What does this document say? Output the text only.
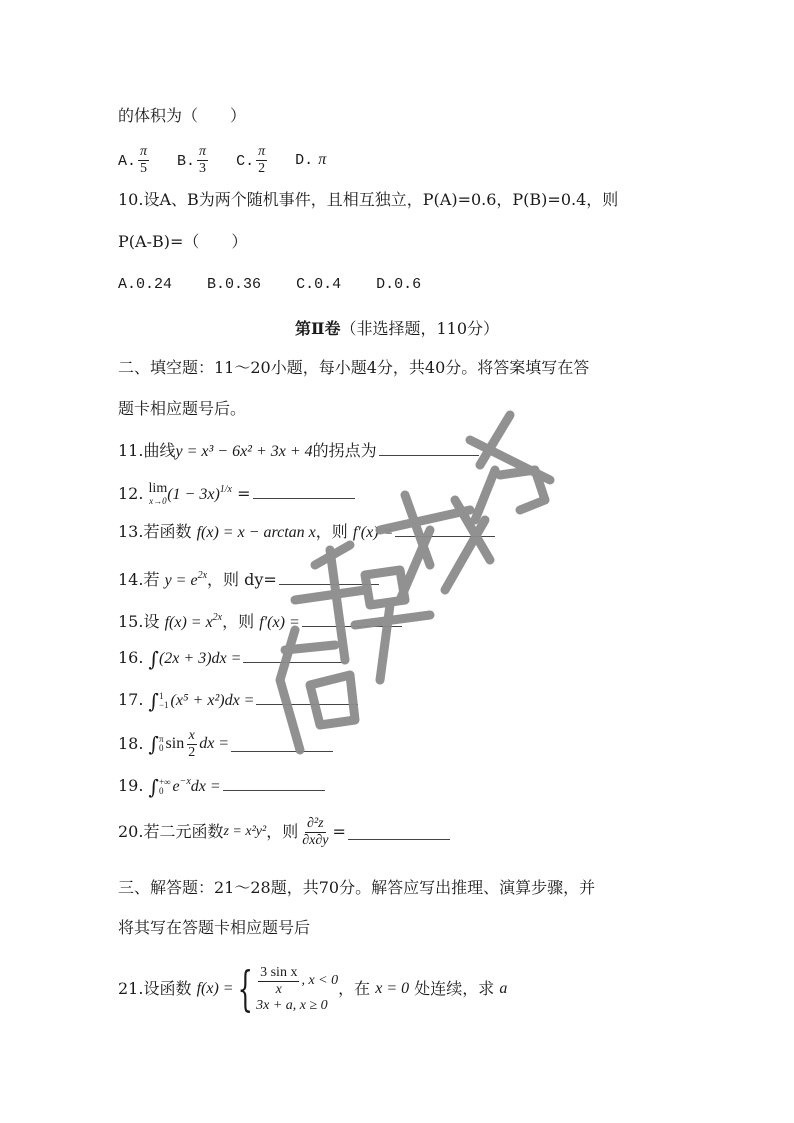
的体积为（　　）
A. $\frac{\pi}{5} B$. $\frac{\pi}{3} C$. $\frac{\pi}{2} D$. π
10.设A、B为两个随机事件，且相互独立，P(A)=0.6，P(B)=0.4，则
P(A-B)=（　　）
A.0.24 B.0.36 C.0.4 D.0.6
第Ⅱ卷（非选择题，110分）
二、填空题：11～20小题，每小题4分，共40分。将答案填写在答
题卡相应题号后。
11.曲线y = x³ − 6x² + 3x + 4的拐点为
12. lim
x→0 $(1 - 3x)^{1/x}$ =
13.若函数 f(x) = x − arctan x，则 f′(x) =
14.若 $y = e^{2x}$，则 dy=
15.设 $f(x) = x^{2x}$，则 f′(x) =
16. ∫(2x + 3)dx =
17. ∫ 1
−1 (x⁵ + x²)dx =
18.
∫ π
0 $\sin \frac{x}{2}$ dx =
19. ∫ +∞
0 $e^{-x}dx$ =
20. 若二元函数 z = x²y² ，则 $\frac{\text{∂²z}}{\partial x\partial y}$ =
三、解答题：21～28题，共70分。解答应写出推理、演算步骤，并
将其写在答题卡相应题号后
21. 设函数
f(x) = { $\frac{\text{3 sin x}}{x}$ , x < 0
3x + a, x ≥ 0
，在
x = 0
处连续，求
a
